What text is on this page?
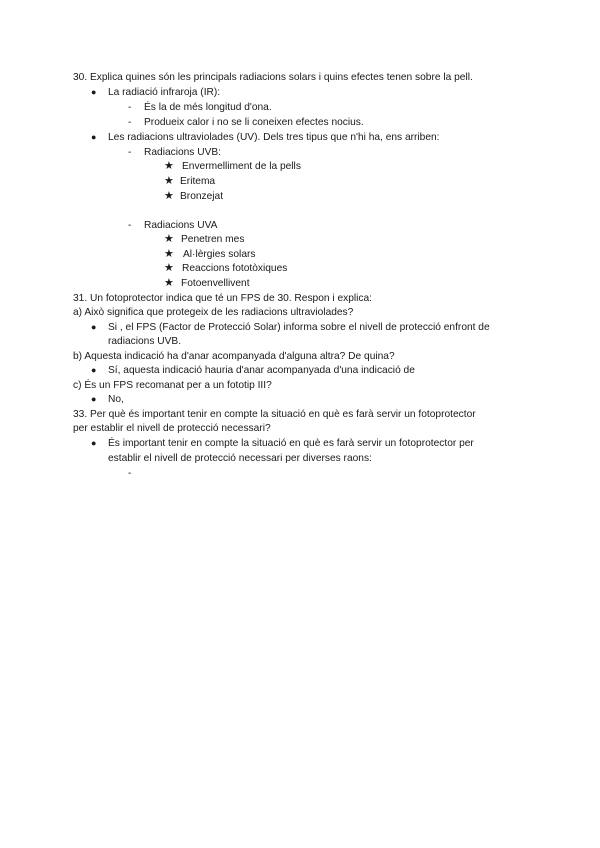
30. Explica quines són les principals radiacions solars i quins efectes tenen sobre la pell.
● La radiació infraroja (IR):
- És la de més longitud d'ona.
- Produeix calor i no se li coneixen efectes nocius.
● Les radiacions ultraviolades (UV). Dels tres tipus que n'hi ha, ens arriben:
- Radiacions UVB:
★ Envermelliment de la pells
★ Eritema
★ Bronzejat
- Radiacions UVA
★ Penetren mes
★ Al·lèrgies solars
★ Reaccions fototòxiques
★ Fotoenvellivent
31. Un fotoprotector indica que té un FPS de 30. Respon i explica:
a) Això significa que protegeix de les radiacions ultraviolades?
● Si , el FPS (Factor de Protecció Solar) informa sobre el nivell de protecció enfront de
radiacions UVB.
b) Aquesta indicació ha d'anar acompanyada d'alguna altra? De quina?
● Sí, aquesta indicació hauria d'anar acompanyada d'una indicació de
c) És un FPS recomanat per a un fototip III?
● No,
33. Per què és important tenir en compte la situació en què es farà servir un fotoprotector
per establir el nivell de protecció necessari?
● És important tenir en compte la situació en què es farà servir un fotoprotector per
establir el nivell de protecció necessari per diverses raons:
-
